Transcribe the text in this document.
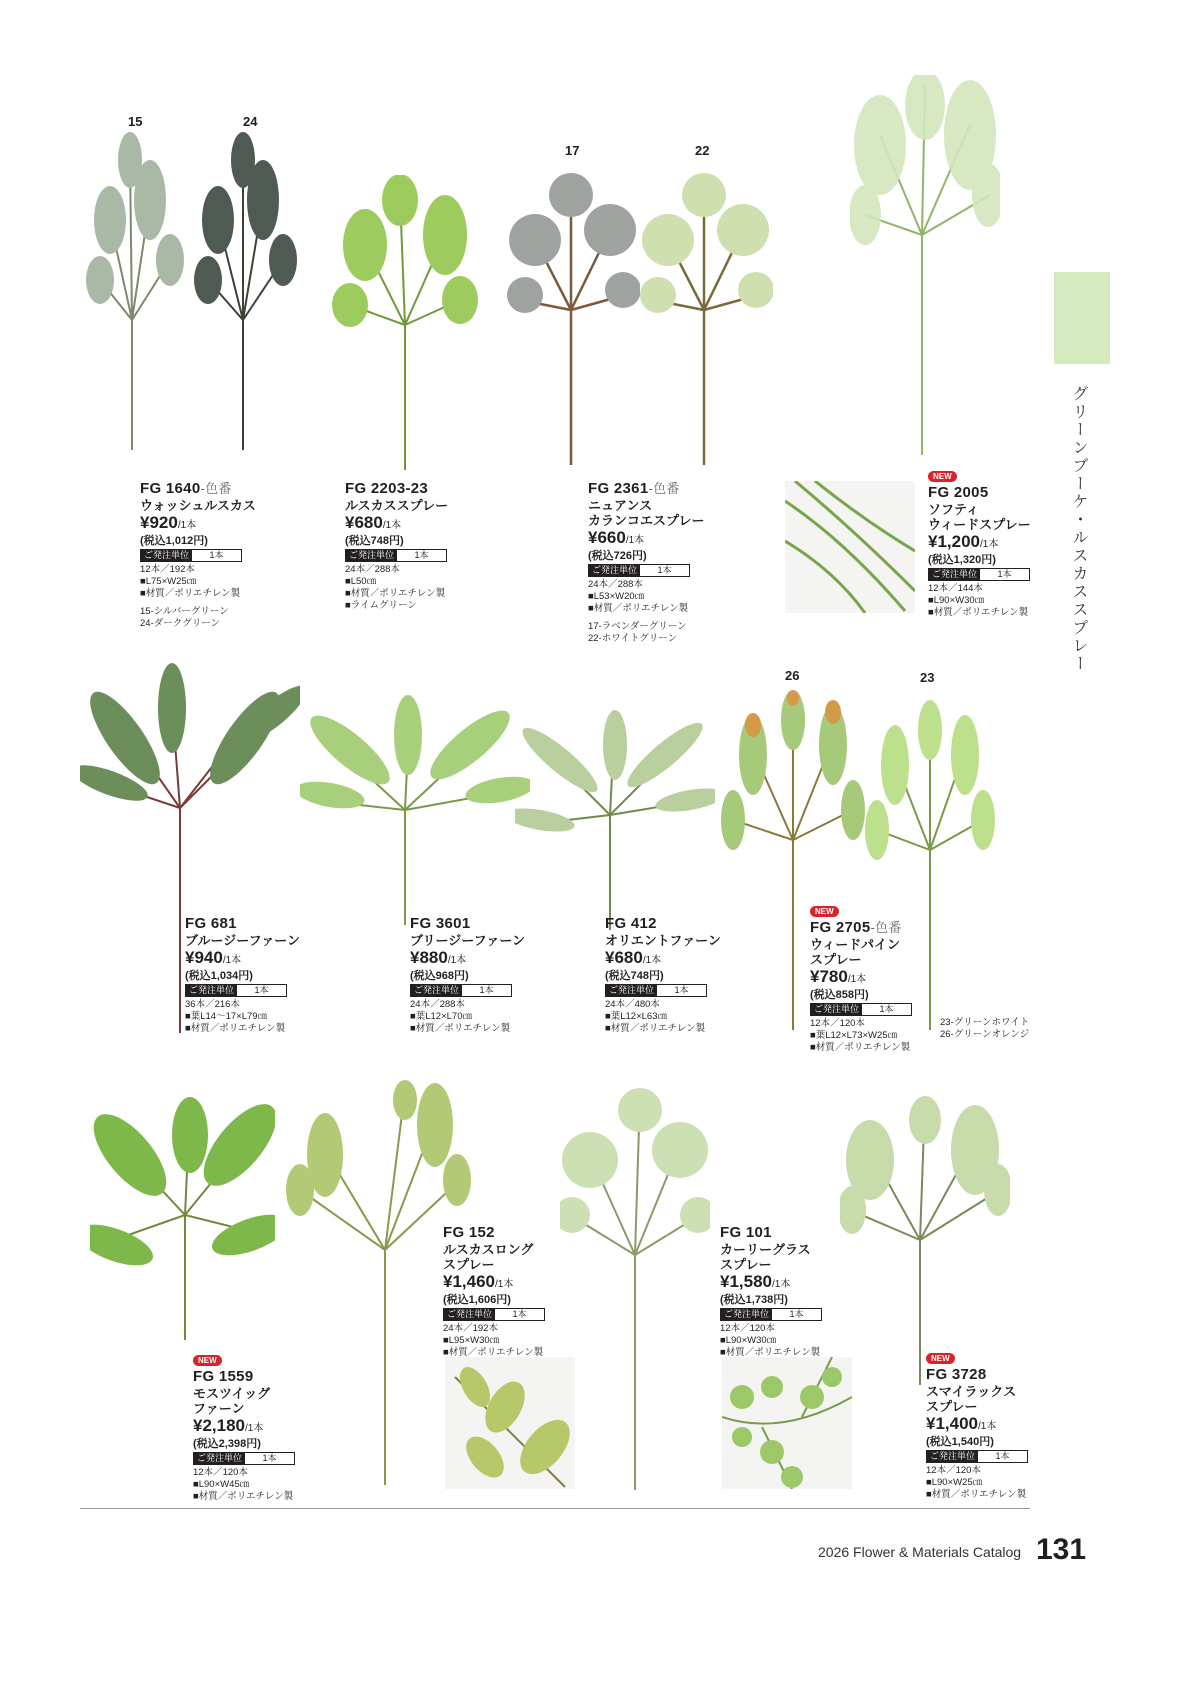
グリーンブーケ・ルスカススプレー
15	24
17	22
26	23
FG 1640-色番
ウォッシュルスカス
¥920/1本
(税込1,012円)
ご発注単位	1本
12本／192本
■L75×W25㎝
■材質／ポリエチレン製
15-シルバーグリーン
24-ダークグリーン
FG 2203-23
ルスカススプレー
¥680/1本
(税込748円)
ご発注単位	1本
24本／288本
■L50㎝
■材質／ポリエチレン製
■ライムグリーン
FG 2361-色番
ニュアンス
カランコエスプレー
¥660/1本
(税込726円)
ご発注単位	1本
24本／288本
■L53×W20㎝
■材質／ポリエチレン製
17-ラベンダーグリーン
22-ホワイトグリーン
NEW
FG 2005
ソフティ
ウィードスプレー
¥1,200/1本
(税込1,320円)
ご発注単位	1本
12本／144本
■L90×W30㎝
■材質／ポリエチレン製
FG 681
ブルージーファーン
¥940/1本
(税込1,034円)
ご発注単位	1本
36本／216本
■葉L14～17×L79㎝
■材質／ポリエチレン製
FG 3601
ブリージーファーン
¥880/1本
(税込968円)
ご発注単位	1本
24本／288本
■葉L12×L70㎝
■材質／ポリエチレン製
FG 412
オリエントファーン
¥680/1本
(税込748円)
ご発注単位	1本
24本／480本
■葉L12×L63㎝
■材質／ポリエチレン製
NEW
FG 2705-色番
ウィードパイン
スプレー
¥780/1本
(税込858円)
ご発注単位	1本
12本／120本
■葉L12×L73×W25㎝
■材質／ポリエチレン製
23-グリーンホワイト
26-グリーンオレンジ
NEW
FG 1559
モスツイッグ
ファーン
¥2,180/1本
(税込2,398円)
ご発注単位	1本
12本／120本
■L90×W45㎝
■材質／ポリエチレン製
FG 152
ルスカスロング
スプレー
¥1,460/1本
(税込1,606円)
ご発注単位	1本
24本／192本
■L95×W30㎝
■材質／ポリエチレン製
FG 101
カーリーグラス
スプレー
¥1,580/1本
(税込1,738円)
ご発注単位	1本
12本／120本
■L90×W30㎝
■材質／ポリエチレン製
NEW
FG 3728
スマイラックス
スプレー
¥1,400/1本
(税込1,540円)
ご発注単位	1本
12本／120本
■L90×W25㎝
■材質／ポリエチレン製
2026 Flower & Materials Catalog 131
